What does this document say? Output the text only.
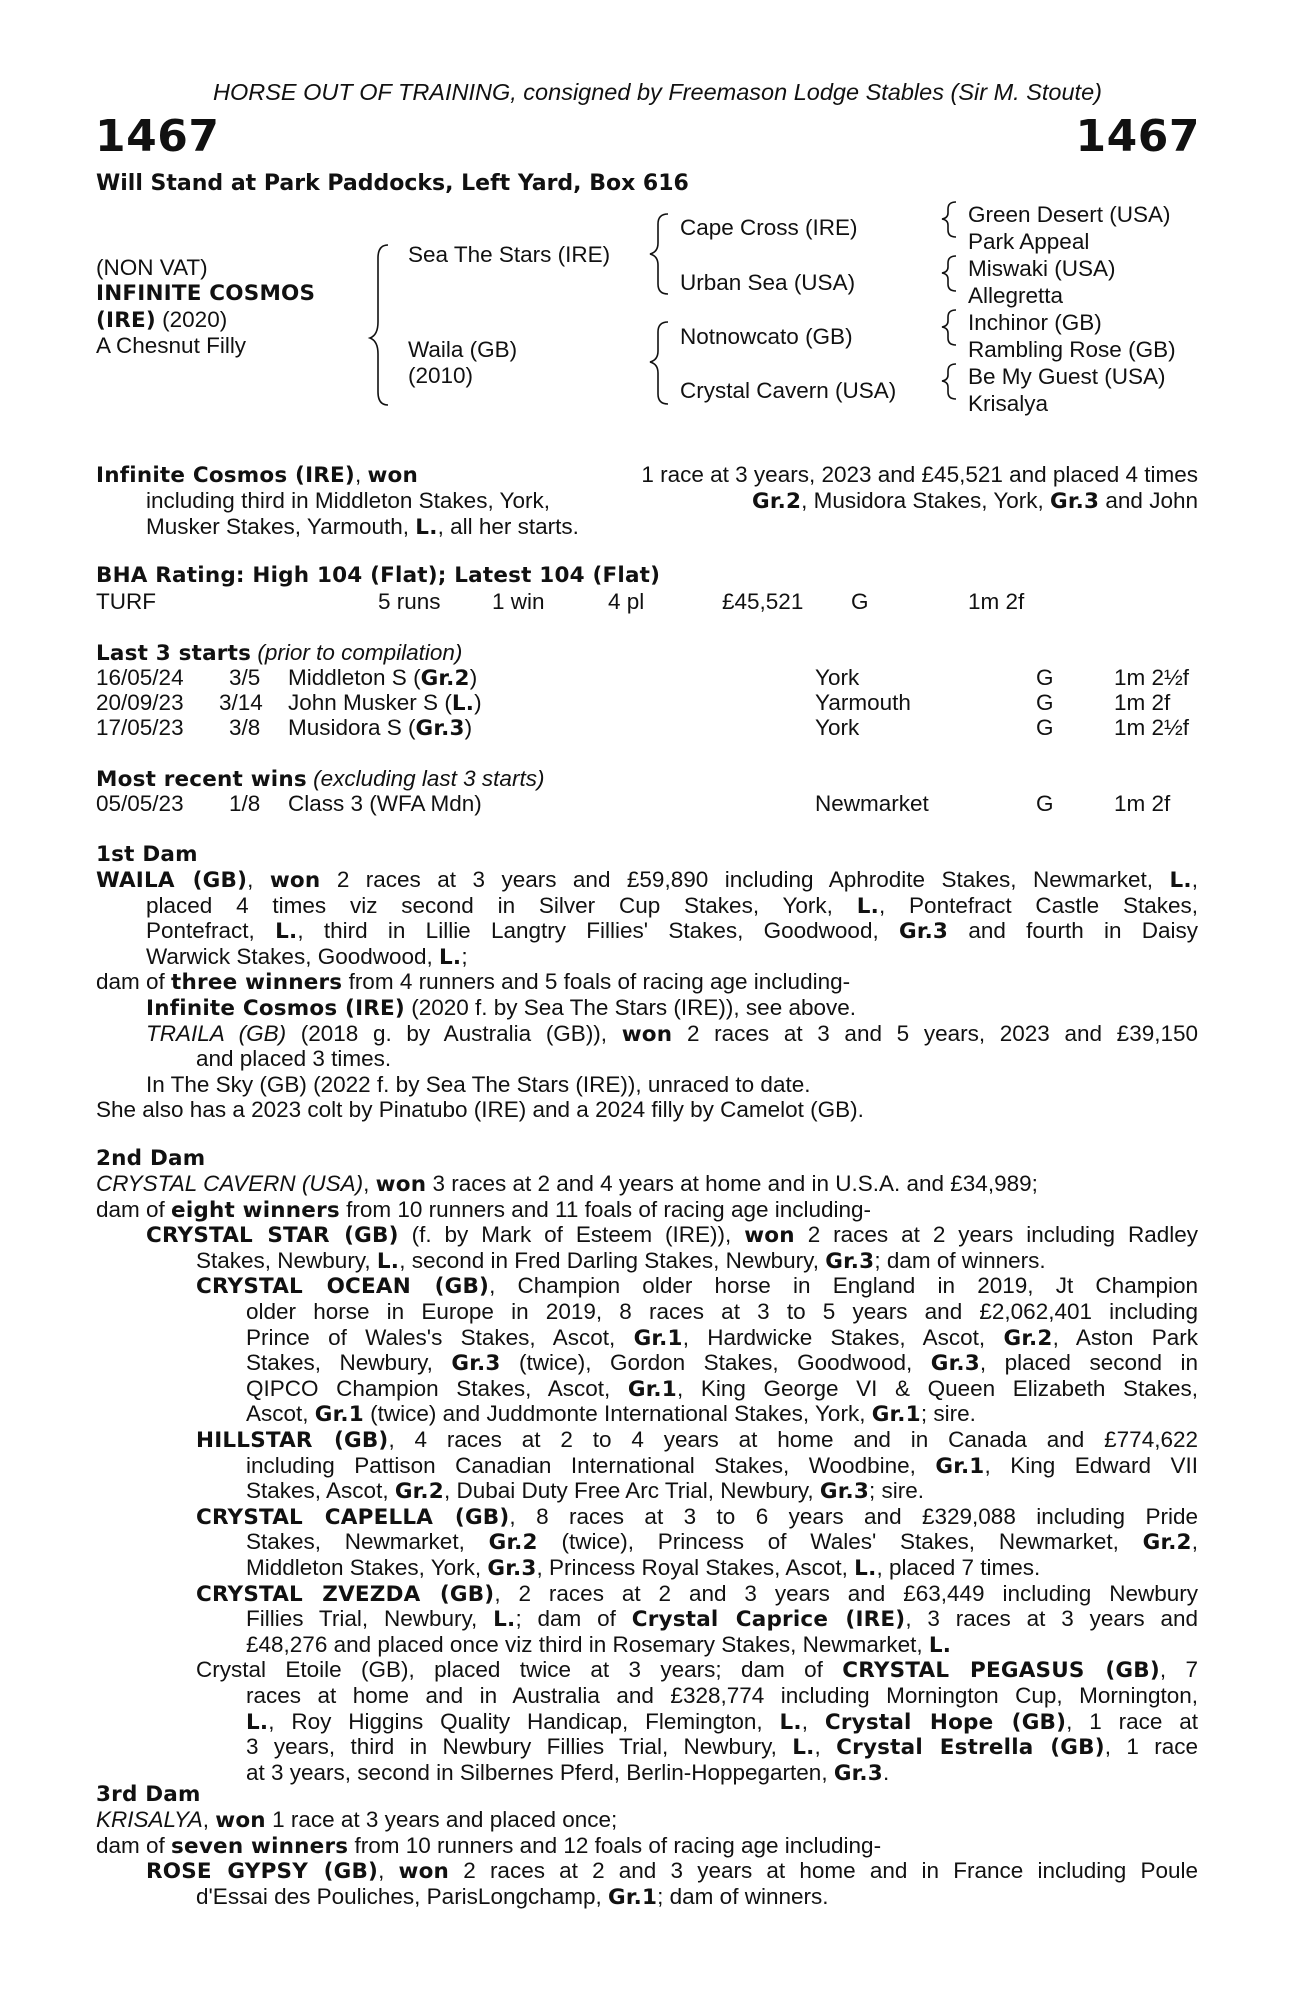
HORSE OUT OF TRAINING, consigned by Freemason Lodge Stables (Sir M. Stoute)
1467	1467
Will Stand at Park Paddocks, Left Yard, Box 616
(NON VAT)
INFINITE COSMOS
(IRE) (2020)
A Chesnut Filly
Sea The Stars (IRE)
Waila (GB)
(2010)
Cape Cross (IRE)
Urban Sea (USA)
Notnowcato (GB)
Crystal Cavern (USA)
Green Desert (USA)
Park Appeal
Miswaki (USA)
Allegretta
Inchinor (GB)
Rambling Rose (GB)
Be My Guest (USA)
Krisalya
Infinite Cosmos (IRE), won	1 race at 3 years, 2023 and £45,521 and placed 4 times
including third in Middleton Stakes, York,	Gr.2, Musidora Stakes, York, Gr.3 and John
Musker Stakes, Yarmouth, L., all her starts.
BHA Rating: High 104 (Flat); Latest 104 (Flat)
TURF	5 runs 1 win	4 pl	£45,521 G	1m 2f
Last 3 starts (prior to compilation)
16/05/24 3/5 Middleton S (Gr.2)	York	G	1m 2½f
20/09/23 3/14 John Musker S (L.)	Yarmouth	G	1m 2f
17/05/23 3/8 Musidora S (Gr.3)	York	G	1m 2½f
Most recent wins (excluding last 3 starts)
05/05/23 1/8 Class 3 (WFA Mdn)	Newmarket	G	1m 2f
1st Dam
WAILA (GB), won 2 races at 3 years and £59,890 including Aphrodite Stakes, Newmarket, L.,
placed 4 times viz second in Silver Cup Stakes, York, L., Pontefract Castle Stakes,
Pontefract, L., third in Lillie Langtry Fillies' Stakes, Goodwood, Gr.3 and fourth in Daisy
Warwick Stakes, Goodwood, L.;
dam of three winners from 4 runners and 5 foals of racing age including-
Infinite Cosmos (IRE) (2020 f. by Sea The Stars (IRE)), see above.
TRAILA (GB) (2018 g. by Australia (GB)), won 2 races at 3 and 5 years, 2023 and £39,150
and placed 3 times.
In The Sky (GB) (2022 f. by Sea The Stars (IRE)), unraced to date.
She also has a 2023 colt by Pinatubo (IRE) and a 2024 filly by Camelot (GB).
2nd Dam
CRYSTAL CAVERN (USA), won 3 races at 2 and 4 years at home and in U.S.A. and £34,989;
dam of eight winners from 10 runners and 11 foals of racing age including-
CRYSTAL STAR (GB) (f. by Mark of Esteem (IRE)), won 2 races at 2 years including Radley
Stakes, Newbury, L., second in Fred Darling Stakes, Newbury, Gr.3; dam of winners.
CRYSTAL OCEAN (GB), Champion older horse in England in 2019, Jt Champion
older horse in Europe in 2019, 8 races at 3 to 5 years and £2,062,401 including
Prince of Wales's Stakes, Ascot, Gr.1, Hardwicke Stakes, Ascot, Gr.2, Aston Park
Stakes, Newbury, Gr.3 (twice), Gordon Stakes, Goodwood, Gr.3, placed second in
QIPCO Champion Stakes, Ascot, Gr.1, King George VI & Queen Elizabeth Stakes,
Ascot, Gr.1 (twice) and Juddmonte International Stakes, York, Gr.1; sire.
HILLSTAR (GB), 4 races at 2 to 4 years at home and in Canada and £774,622
including Pattison Canadian International Stakes, Woodbine, Gr.1, King Edward VII
Stakes, Ascot, Gr.2, Dubai Duty Free Arc Trial, Newbury, Gr.3; sire.
CRYSTAL CAPELLA (GB), 8 races at 3 to 6 years and £329,088 including Pride
Stakes, Newmarket, Gr.2 (twice), Princess of Wales' Stakes, Newmarket, Gr.2,
Middleton Stakes, York, Gr.3, Princess Royal Stakes, Ascot, L., placed 7 times.
CRYSTAL ZVEZDA (GB), 2 races at 2 and 3 years and £63,449 including Newbury
Fillies Trial, Newbury, L.; dam of Crystal Caprice (IRE), 3 races at 3 years and
£48,276 and placed once viz third in Rosemary Stakes, Newmarket, L.
Crystal Etoile (GB), placed twice at 3 years; dam of CRYSTAL PEGASUS (GB), 7
races at home and in Australia and £328,774 including Mornington Cup, Mornington,
L., Roy Higgins Quality Handicap, Flemington, L., Crystal Hope (GB), 1 race at
3 years, third in Newbury Fillies Trial, Newbury, L., Crystal Estrella (GB), 1 race
at 3 years, second in Silbernes Pferd, Berlin-Hoppegarten, Gr.3.
3rd Dam
KRISALYA, won 1 race at 3 years and placed once;
dam of seven winners from 10 runners and 12 foals of racing age including-
ROSE GYPSY (GB), won 2 races at 2 and 3 years at home and in France including Poule
d'Essai des Pouliches, ParisLongchamp, Gr.1; dam of winners.
